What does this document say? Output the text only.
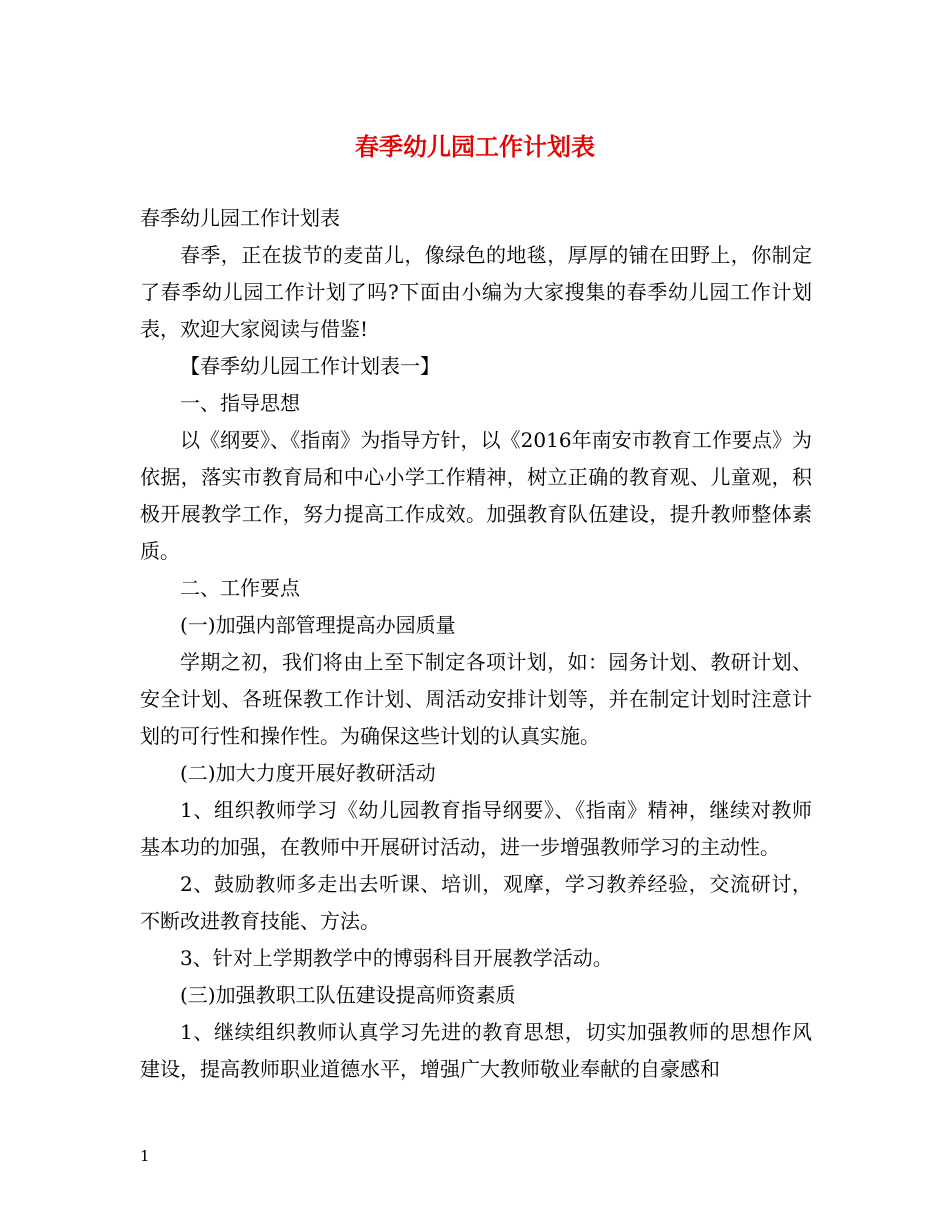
春季幼儿园工作计划表

春季幼儿园工作计划表

春季，正在拔节的麦苗儿，像绿色的地毯，厚厚的铺在田野上，你制定了春季幼儿园工作计划了吗?下面由小编为大家搜集的春季幼儿园工作计划表，欢迎大家阅读与借鉴!

【春季幼儿园工作计划表一】

一、指导思想

以《纲要》、《指南》为指导方针，以《2016年南安市教育工作要点》为依据，落实市教育局和中心小学工作精神，树立正确的教育观、儿童观，积极开展教学工作，努力提高工作成效。加强教育队伍建设，提升教师整体素质。

二、工作要点

(一)加强内部管理提高办园质量

学期之初，我们将由上至下制定各项计划，如：园务计划、教研计划、安全计划、各班保教工作计划、周活动安排计划等，并在制定计划时注意计划的可行性和操作性。为确保这些计划的认真实施。

(二)加大力度开展好教研活动

1、组织教师学习《幼儿园教育指导纲要》、《指南》精神，继续对教师基本功的加强，在教师中开展研讨活动，进一步增强教师学习的主动性。

2、鼓励教师多走出去听课、培训，观摩，学习教养经验，交流研讨，不断改进教育技能、方法。

3、针对上学期教学中的博弱科目开展教学活动。

(三)加强教职工队伍建设提高师资素质

1、继续组织教师认真学习先进的教育思想，切实加强教师的思想作风建设，提高教师职业道德水平，增强广大教师敬业奉献的自豪感和

1
